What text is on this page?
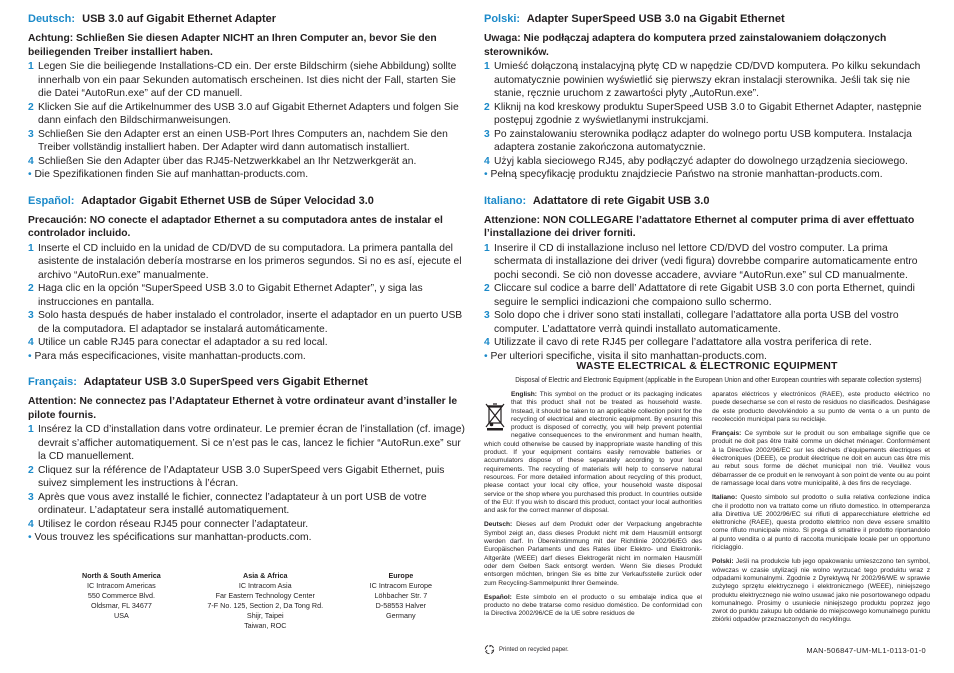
Deutsch: USB 3.0 auf Gigabit Ethernet Adapter

Achtung: Schließen Sie diesen Adapter NICHT an Ihren Computer an, bevor Sie den beiliegenden Treiber installiert haben.

1 Legen Sie die beiliegende Installations-CD ein. Der erste Bildschirm (siehe Abbildung) sollte innerhalb von ein paar Sekunden automatisch erscheinen. Ist dies nicht der Fall, starten Sie die Datei “AutoRun.exe” auf der CD manuell.
2 Klicken Sie auf die Artikelnummer des USB 3.0 auf Gigabit Ethernet Adapters und folgen Sie dann einfach den Bildschirmanweisungen.
3 Schließen Sie den Adapter erst an einen USB-Port Ihres Computers an, nachdem Sie den Treiber vollständig installiert haben. Der Adapter wird dann automatisch installiert.
4 Schließen Sie den Adapter über das RJ45-Netzwerkkabel an Ihr Netzwerkgerät an.

• Die Spezifikationen finden Sie auf manhattan-products.com.

Español: Adaptador Gigabit Ethernet USB de Súper Velocidad 3.0

Precaución: NO conecte el adaptador Ethernet a su computadora antes de instalar el controlador incluido.

1 Inserte el CD incluido en la unidad de CD/DVD de su computadora. La primera pantalla del asistente de instalación debería mostrarse en los primeros segundos. Si no es así, ejecute el archivo “AutoRun.exe” manualmente.
2 Haga clic en la opción “SuperSpeed USB 3.0 to Gigabit Ethernet Adapter”, y siga las instrucciones en pantalla.
3 Solo hasta después de haber instalado el controlador, inserte el adaptador en un puerto USB de la computadora. El adaptador se instalará automáticamente.
4 Utilice un cable RJ45 para conectar el adaptador a su red local.

• Para más especificaciones, visite manhattan-products.com.

Français: Adaptateur USB 3.0 SuperSpeed vers Gigabit Ethernet

Attention: Ne connectez pas l’Adaptateur Ethernet à votre ordinateur avant d’installer le pilote fournis.

1 Insérez la CD d’installation dans votre ordinateur. Le premier écran de l’installation (cf. image) devrait s’afficher automatiquement. Si ce n’est pas le cas, lancez le fichier “AutoRun.exe” sur la CD manuellement.
2 Cliquez sur la référence de l’Adaptateur USB 3.0 SuperSpeed vers Gigabit Ethernet, puis suivez simplement les instructions à l’écran.
3 Après que vous avez installé le fichier, connectez l’adaptateur à un port USB de votre ordinateur. L’adaptateur sera installé automatiquement.
4 Utilisez le cordon réseau RJ45 pour connecter l’adaptateur.

• Vous trouvez les spécifications sur manhattan-products.com.

North & South America
IC Intracom Americas
550 Commerce Blvd.
Oldsmar, FL 34677
USA
Asia & Africa
IC Intracom Asia
Far Eastern Technology Center
7-F No. 125, Section 2, Da Tong Rd.
Shijr, Taipei
Taiwan, ROC
Europe
IC Intracom Europe
Löhbacher Str. 7
D-58553 Halver
Germany
Polski: Adapter SuperSpeed USB 3.0 na Gigabit Ethernet

Uwaga: Nie podłączaj adaptera do komputera przed zainstalowaniem dołączonych sterowników.

1 Umieść dołączoną instalacyjną płytę CD w napędzie CD/DVD komputera. Po kilku sekundach automatycznie powinien wyświetlić się pierwszy ekran instalacji sterownika. Jeśli tak się nie stanie, ręcznie uruchom z zawartości płyty „AutoRun.exe”.
2 Kliknij na kod kreskowy produktu SuperSpeed USB 3.0 to Gigabit Ethernet Adapter, następnie postępuj zgodnie z wyświetlanymi instrukcjami.
3 Po zainstalowaniu sterownika podłącz adapter do wolnego portu USB komputera. Instalacja adaptera zostanie zakończona automatycznie.
4 Użyj kabla sieciowego RJ45, aby podłączyć adapter do dowolnego urządzenia sieciowego.

• Pełną specyfikację produktu znajdziecie Państwo na stronie manhattan-products.com.

Italiano: Adattatore di rete Gigabit USB 3.0

Attenzione: NON COLLEGARE l’adattatore Ethernet al computer prima di aver effettuato l’installazione dei driver forniti.

1 Inserire il CD di installazione incluso nel lettore CD/DVD del vostro computer. La prima schermata di installazione dei driver (vedi figura) dovrebbe comparire automaticamente entro pochi secondi. Se ciò non dovesse accadere, avviare “AutoRun.exe” sul CD manualmente.
2 Cliccare sul codice a barre dell’ Adattatore di rete Gigabit USB 3.0 con porta Ethernet, quindi seguire le semplici indicazioni che compaiono sullo schermo.
3 Solo dopo che i driver sono stati installati, collegare l’adattatore alla porta USB del vostro computer. L’adattatore verrà quindi installato automaticamente.
4 Utilizzate il cavo di rete RJ45 per collegare l’adattatore alla vostra periferica di rete.

• Per ulteriori specifiche, visita il sito manhattan-products.com.

WASTE ELECTRICAL & ELECTRONIC EQUIPMENT

Disposal of Electric and Electronic Equipment (applicable in the European Union and other European countries with separate collection systems)

English: This symbol on the product or its packaging indicates that this product shall not be treated as household waste. Instead, it should be taken to an applicable collection point for the recycling of electrical and electronic equipment. By ensuring this product is disposed of correctly, you will help prevent potential negative consequences to the environment and human health, which could otherwise be caused by inappropriate waste handling of this product. If your equipment contains easily removable batteries or accumulators dispose of these separately according to your local requirements. The recycling of materials will help to conserve natural resources. For more detailed information about recycling of this product, please contact your local city office, your household waste disposal service or the shop where you purchased this product. In countries outside of the EU: If you wish to discard this product, contact your local authorities and ask for the correct manner of disposal.

Deutsch: Dieses auf dem Produkt oder der Verpackung angebrachte Symbol zeigt an, dass dieses Produkt nicht mit dem Hausmüll entsorgt werden darf. In Übereinstimmung mit der Richtlinie 2002/96/EG des Europäischen Parlaments und des Rates über Elektro- und Elektronik-Altgeräte (WEEE) darf dieses Elektrogerät nicht im normalen Hausmüll oder dem Gelben Sack entsorgt werden. Wenn Sie dieses Produkt entsorgen möchten, bringen Sie es bitte zur Verkaufsstelle zurück oder zum Recycling-Sammelpunkt Ihrer Gemeinde.

Español: Este símbolo en el producto o su embalaje indica que el producto no debe tratarse como residuo doméstico. De conformidad con la Directiva 2002/96/CE de la UE sobre residuos de

aparatos eléctricos y electrónicos (RAEE), este producto eléctrico no puede desecharse se con el resto de residuos no clasificados. Deshágase de este producto devolviéndolo a su punto de venta o a un punto de recolección municipal para su reciclaje.

Français: Ce symbole sur le produit ou son emballage signifie que ce produit ne doit pas être traité comme un déchet ménager. Conformément à la Directive 2002/96/EC sur les déchets d’équipements électriques et électroniques (DEEE), ce produit électrique ne doit en aucun cas être mis au rebut sous forme de déchet municipal non trié. Veuillez vous débarrasser de ce produit en le renvoyant à son point de vente ou au point de ramassage local dans votre municipalité, à des fins de recyclage.

Italiano: Questo simbolo sul prodotto o sulla relativa confezione indica che il prodotto non va trattato come un rifiuto domestico. In ottemperanza alla Direttiva UE 2002/96/EC sui rifiuti di apparecchiature elettriche ed elettroniche (RAEE), questa prodotto elettrico non deve essere smaltito come rifiuto municipale misto. Si prega di smaltire il prodotto riportandolo al punto vendita o al punto di raccolta municipale locale per un opportuno riciclaggio.

Polski: Jeśli na produkcie lub jego opakowaniu umieszczono ten symbol, wówczas w czasie utylizacji nie wolno wyrzucać tego produktu wraz z odpadami komunalnymi. Zgodnie z Dyrektywą Nr 2002/96/WE w sprawie zużytego sprzętu elektrycznego i elektronicznego (WEEE), niniejszego produktu elektrycznego nie wolno usuwać jako nie posortowanego odpadu komunalnego. Prosimy o usuniecie niniejszego produktu poprzez jego zwrot do punktu zakupu lub oddanie do miejscowego komunalnego punktu zbiórki odpadów przeznaczonych do recyklingu.

Printed on recycled paper.	MAN-506847-UM-ML1-0113-01-0
